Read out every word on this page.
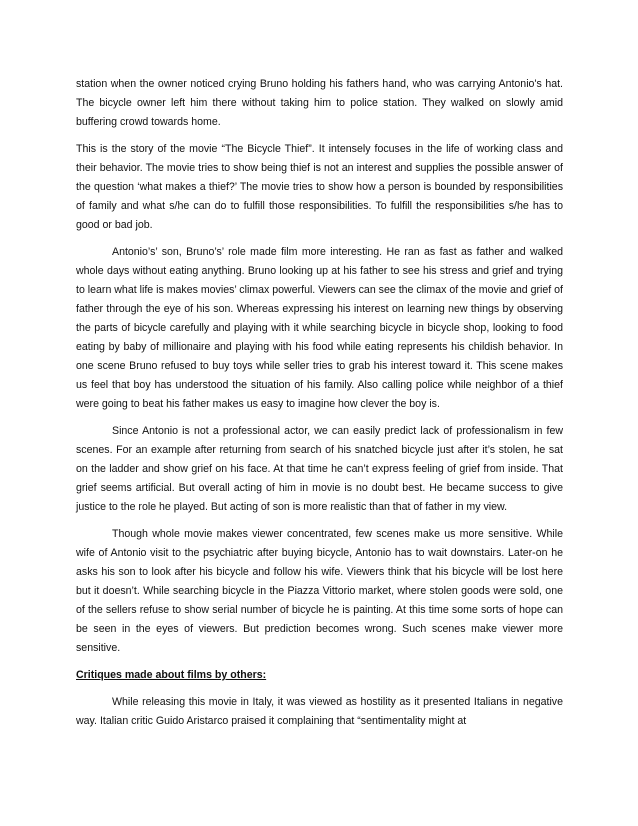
station when the owner noticed crying Bruno holding his fathers hand, who was carrying Antonio's hat. The bicycle owner left him there without taking him to police station. They walked on slowly amid buffering crowd towards home.

This is the story of the movie “The Bicycle Thief”. It intensely focuses in the life of working class and their behavior. The movie tries to show being thief is not an interest and supplies the possible answer of the question ‘what makes a thief?’ The movie tries to show how a person is bounded by responsibilities of family and what s/he can do to fulfill those responsibilities. To fulfill the responsibilities s/he has to good or bad job.

Antonio’s’ son, Bruno’s’ role made film more interesting. He ran as fast as father and walked whole days without eating anything. Bruno looking up at his father to see his stress and grief and trying to learn what life is makes movies’ climax powerful. Viewers can see the climax of the movie and grief of father through the eye of his son. Whereas expressing his interest on learning new things by observing the parts of bicycle carefully and playing with it while searching bicycle in bicycle shop, looking to food eating by baby of millionaire and playing with his food while eating represents his childish behavior. In one scene Bruno refused to buy toys while seller tries to grab his interest toward it. This scene makes us feel that boy has understood the situation of his family. Also calling police while neighbor of a thief were going to beat his father makes us easy to imagine how clever the boy is.

Since Antonio is not a professional actor, we can easily predict lack of professionalism in few scenes. For an example after returning from search of his snatched bicycle just after it’s stolen, he sat on the ladder and show grief on his face. At that time he can’t express feeling of grief from inside. That grief seems artificial. But overall acting of him in movie is no doubt best. He became success to give justice to the role he played. But acting of son is more realistic than that of father in my view.

Though whole movie makes viewer concentrated, few scenes make us more sensitive. While wife of Antonio visit to the psychiatric after buying bicycle, Antonio has to wait downstairs. Later-on he asks his son to look after his bicycle and follow his wife. Viewers think that his bicycle will be lost here but it doesn’t. While searching bicycle in the Piazza Vittorio market, where stolen goods were sold, one of the sellers refuse to show serial number of bicycle he is painting. At this time some sorts of hope can be seen in the eyes of viewers. But prediction becomes wrong. Such scenes make viewer more sensitive.

Critiques made about films by others:

While releasing this movie in Italy, it was viewed as hostility as it presented Italians in negative way. Italian critic Guido Aristarco praised it complaining that “sentimentality might at
